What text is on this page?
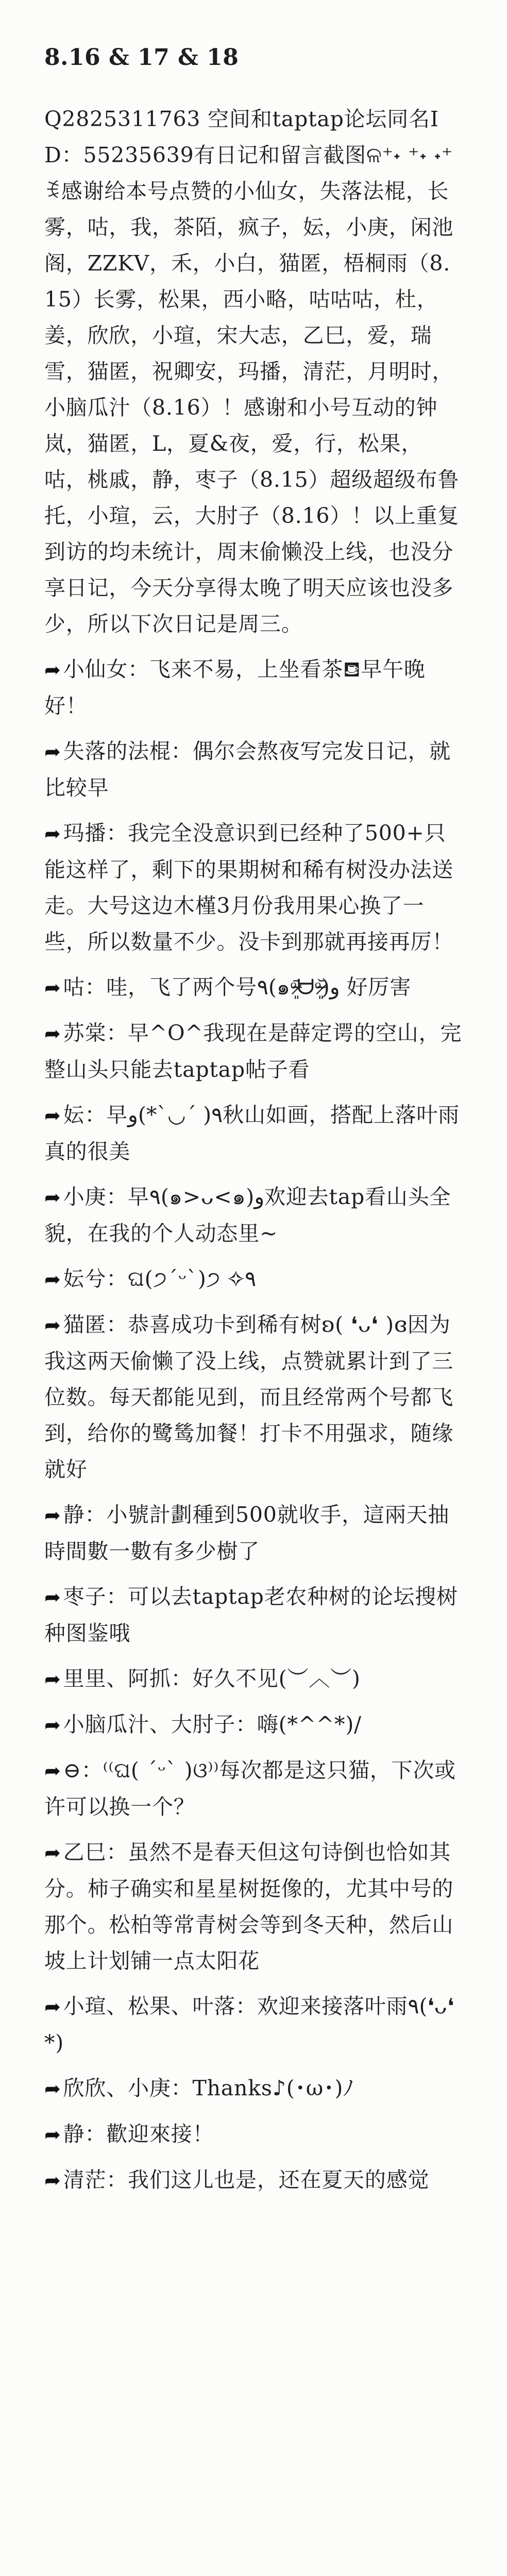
8.16 & 17 & 18

Q2825311763 空间和taptap论坛同名ID：55235639有日记和留言截图ଳ⁺˖ ⁺˖ ˖⁺ꉂ感谢给本号点赞的小仙女，失落法棍，长雾，咕，我，茶陌，疯子，妘，小庚，闲池阁，ZZKV，禾，小白，猫匿，梧桐雨（8.15）长雾，松果，西小略，咕咕咕，杜，姜，欣欣，小瑄，宋大志，乙巳，爱，瑞雪，猫匿，祝卿安，玛播，清茫，月明时，小脑瓜汁（8.16）！感谢和小号互动的钟岚，猫匿，L，夏&夜，爱，行，松果，咕，桃戚，静，枣子（8.15）超级超级布鲁托，小瑄，云，大肘子（8.16）！以上重复到访的均未统计，周末偷懒没上线，也没分享日记，今天分享得太晚了明天应该也没多少，所以下次日记是周三。

➦小仙女：飞来不易，上坐看茶⛾早午晚好！

➦失落的法棍：偶尔会熬夜写完发日记，就比较早

➦玛播：我完全没意识到已经种了500+只能这样了，剩下的果期树和稀有树没办法送走。大号这边木槿3月份我用果心换了一些，所以数量不少。没卡到那就再接再厉！

➦咕：哇，飞了两个号٩(๑ᵒ̴̶̷͈᷄ᗨᵒ̴̶̷͈᷅)و 好厉害

➦苏棠：早^O^我现在是薛定谔的空山，完整山头只能去taptap帖子看

➦妘：早٩( ´◡`*)و秋山如画，搭配上落叶雨真的很美

➦小庚：早٩(๑>ᴗ<๑)و欢迎去tap看山头全貌，在我的个人动态里~

➦妘兮：ଘ(੭ˊᵕˋ)੭ ✧٩

➦猫匿：恭喜成功卡到稀有树ʚ( ❛ᴗ❛ )ɞ因为我这两天偷懒了没上线，点赞就累计到了三位数。每天都能见到，而且经常两个号都飞到，给你的鹭鸶加餐！打卡不用强求，随缘就好

➦静：小號計劃種到500就收手，這兩天抽時間數一數有多少樹了

➦枣子：可以去taptap老农种树的论坛搜树种图鉴哦

➦里里、阿抓：好久不见(︶︿︶)

➦小脑瓜汁、大肘子：嗨(*^^*)/

➦⊖：⁽⁽ଘ( ˊᵕˋ )ଓ⁾⁾每次都是这只猫，下次或许可以换一个？

➦乙巳：虽然不是春天但这句诗倒也恰如其分。柿子确实和星星树挺像的，尤其中号的那个。松柏等常青树会等到冬天种，然后山坡上计划铺一点太阳花

➦小瑄、松果、叶落：欢迎来接落叶雨٩(❛ᴗ❛ *)

➦欣欣、小庚：Thanks♪(･ω･)ﾉ

➦静：歡迎來接！

➦清茫：我们这儿也是，还在夏天的感觉
